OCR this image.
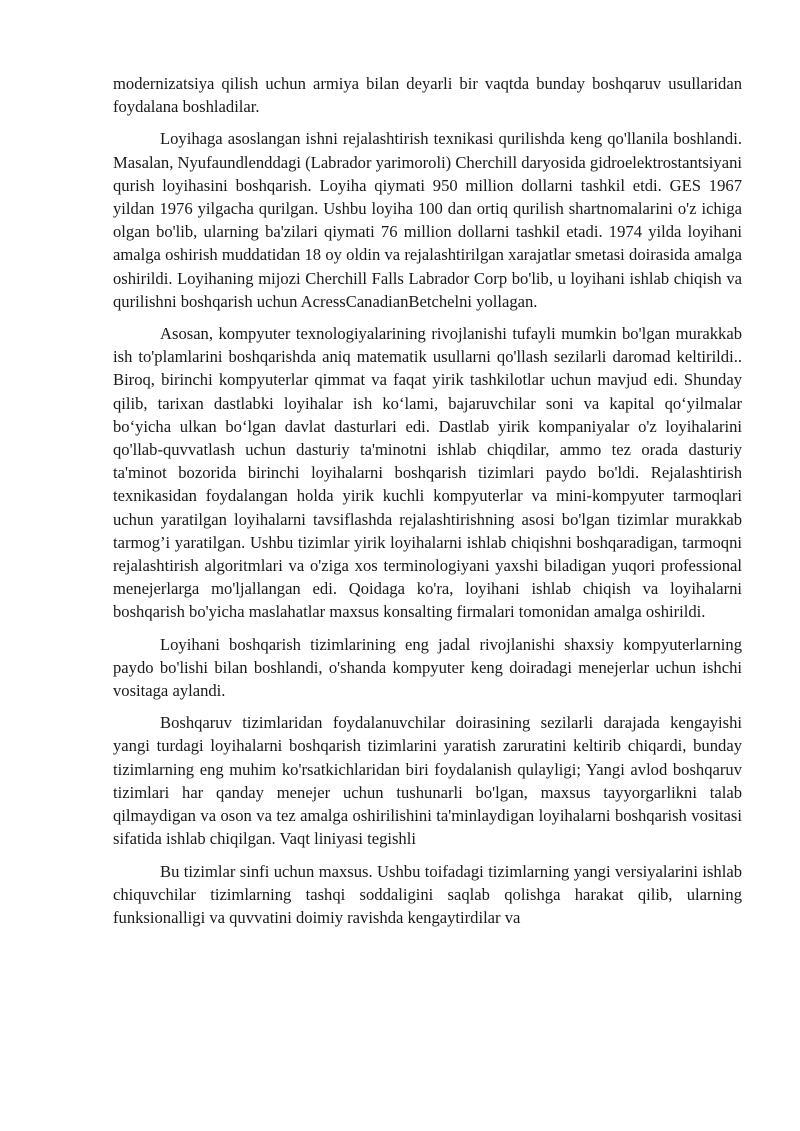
modernizatsiya qilish uchun armiya bilan deyarli bir vaqtda bunday boshqaruv usullaridan foydalana boshladilar.

Loyihaga asoslangan ishni rejalashtirish texnikasi qurilishda keng qo'llanila boshlandi. Masalan, Nyufaundlenddagi (Labrador yarimoroli) Cherchill daryosida gidroelektrostantsiyani qurish loyihasini boshqarish. Loyiha qiymati 950 million dollarni tashkil etdi. GES 1967 yildan 1976 yilgacha qurilgan. Ushbu loyiha 100 dan ortiq qurilish shartnomalarini o'z ichiga olgan bo'lib, ularning ba'zilari qiymati 76 million dollarni tashkil etadi. 1974 yilda loyihani amalga oshirish muddatidan 18 oy oldin va rejalashtirilgan xarajatlar smetasi doirasida amalga oshirildi. Loyihaning mijozi Cherchill Falls Labrador Corp bo'lib, u loyihani ishlab chiqish va qurilishni boshqarish uchun AcressCanadianBetchelni yollagan.

Asosan, kompyuter texnologiyalarining rivojlanishi tufayli mumkin bo'lgan murakkab ish to'plamlarini boshqarishda aniq matematik usullarni qo'llash sezilarli daromad keltirildi.. Biroq, birinchi kompyuterlar qimmat va faqat yirik tashkilotlar uchun mavjud edi. Shunday qilib, tarixan dastlabki loyihalar ish koʻlami, bajaruvchilar soni va kapital qoʻyilmalar boʻyicha ulkan boʻlgan davlat dasturlari edi. Dastlab yirik kompaniyalar o'z loyihalarini qo'llab-quvvatlash uchun dasturiy ta'minotni ishlab chiqdilar, ammo tez orada dasturiy ta'minot bozorida birinchi loyihalarni boshqarish tizimlari paydo bo'ldi. Rejalashtirish texnikasidan foydalangan holda yirik kuchli kompyuterlar va mini-kompyuter tarmoqlari uchun yaratilgan loyihalarni tavsiflashda rejalashtirishning asosi bo'lgan tizimlar murakkab tarmog’i yaratilgan. Ushbu tizimlar yirik loyihalarni ishlab chiqishni boshqaradigan, tarmoqni rejalashtirish algoritmlari va o'ziga xos terminologiyani yaxshi biladigan yuqori professional menejerlarga mo'ljallangan edi. Qoidaga ko'ra, loyihani ishlab chiqish va loyihalarni boshqarish bo'yicha maslahatlar maxsus konsalting firmalari tomonidan amalga oshirildi.

Loyihani boshqarish tizimlarining eng jadal rivojlanishi shaxsiy kompyuterlarning paydo bo'lishi bilan boshlandi, o'shanda kompyuter keng doiradagi menejerlar uchun ishchi vositaga aylandi.

Boshqaruv tizimlaridan foydalanuvchilar doirasining sezilarli darajada kengayishi yangi turdagi loyihalarni boshqarish tizimlarini yaratish zaruratini keltirib chiqardi, bunday tizimlarning eng muhim ko'rsatkichlaridan biri foydalanish qulayligi; Yangi avlod boshqaruv tizimlari har qanday menejer uchun tushunarli bo'lgan, maxsus tayyorgarlikni talab qilmaydigan va oson va tez amalga oshirilishini ta'minlaydigan loyihalarni boshqarish vositasi sifatida ishlab chiqilgan. Vaqt liniyasi tegishli

Bu tizimlar sinfi uchun maxsus. Ushbu toifadagi tizimlarning yangi versiyalarini ishlab chiquvchilar tizimlarning tashqi soddaligini saqlab qolishga harakat qilib, ularning funksionalligi va quvvatini doimiy ravishda kengaytirdilar va
